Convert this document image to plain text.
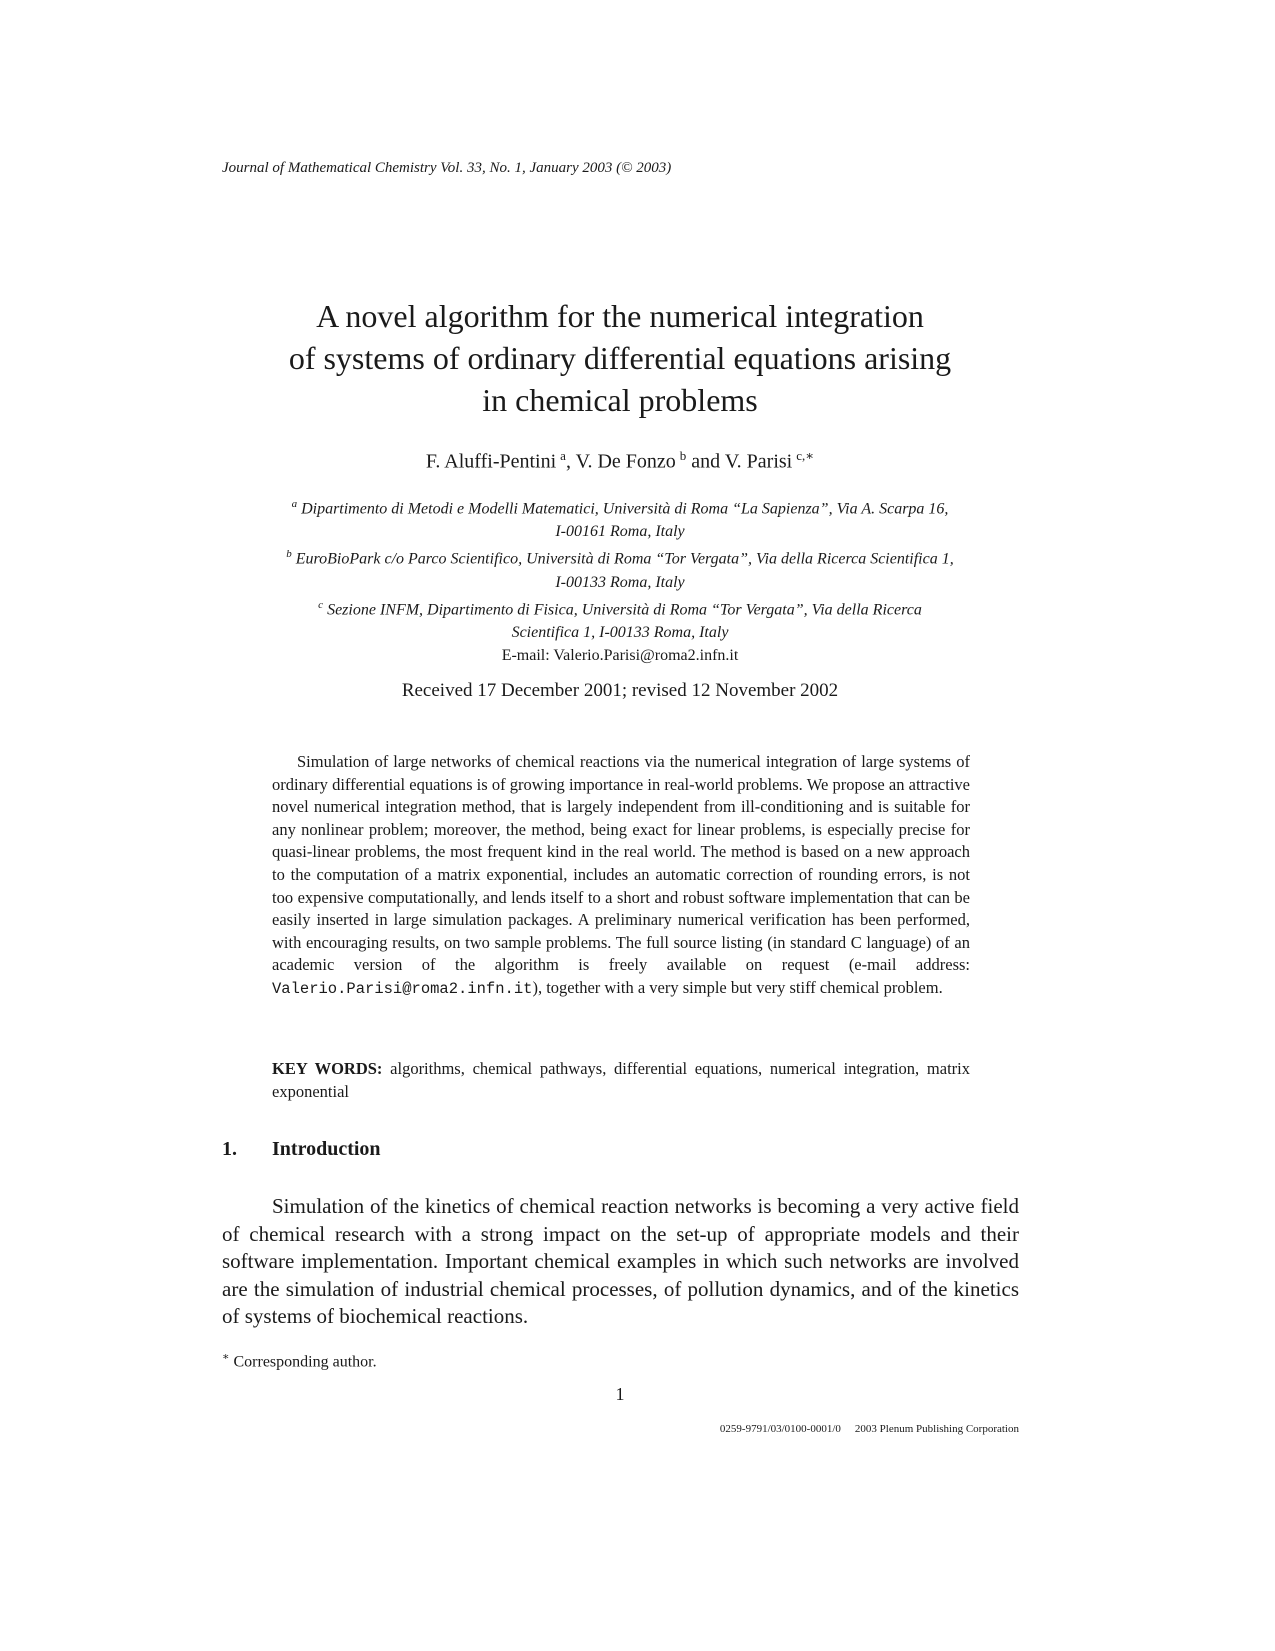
Journal of Mathematical Chemistry Vol. 33, No. 1, January 2003 (© 2003)
A novel algorithm for the numerical integration
of systems of ordinary differential equations arising
in chemical problems
F. Aluffi-Pentini  $^a$, V. De Fonzo  $^b$ and V. Parisi  $^{c,∗}$
$^a$ Dipartimento di Metodi e Modelli Matematici, Università di Roma “La Sapienza”, Via A. Scarpa 16,
I-00161 Roma, Italy
$^b$ EuroBioPark c/o Parco Scientifico, Università di Roma “Tor Vergata”, Via della Ricerca Scientifica 1,
I-00133 Roma, Italy
$^c$ Sezione INFM, Dipartimento di Fisica, Università di Roma “Tor Vergata”, Via della Ricerca
Scientifica 1, I-00133 Roma, Italy
E-mail: Valerio.Parisi@roma2.infn.it
Received 17 December 2001; revised 12 November 2002

Simulation of large networks of chemical reactions via the numerical integration of large systems of ordinary differential equations is of growing importance in real-world problems. We propose an attractive novel numerical integration method, that is largely independent from ill-conditioning and is suitable for any nonlinear problem; moreover, the method, being exact for linear problems, is especially precise for quasi-linear problems, the most frequent kind in the real world. The method is based on a new approach to the computation of a matrix exponential, includes an automatic correction of rounding errors, is not too expensive computationally, and lends itself to a short and robust software implementation that can be easily inserted in large simulation packages. A preliminary numerical verification has been performed, with encouraging results, on two sample problems. The full source listing (in standard C language) of an academic version of the algorithm is freely available on request (e-mail address: Valerio.Parisi@roma2.infn.it), together with a very simple but very stiff chemical problem.

KEY WORDS: algorithms, chemical pathways, differential equations, numerical integration, matrix exponential
1. Introduction

Simulation of the kinetics of chemical reaction networks is becoming a very active field of chemical research with a strong impact on the set-up of appropriate models and their software implementation. Important chemical examples in which such networks are involved are the simulation of industrial chemical processes, of pollution dynamics, and of the kinetics of systems of biochemical reactions.

∗ Corresponding author.
1
0259-9791/03/0100-0001/0 2003 Plenum Publishing Corporation
